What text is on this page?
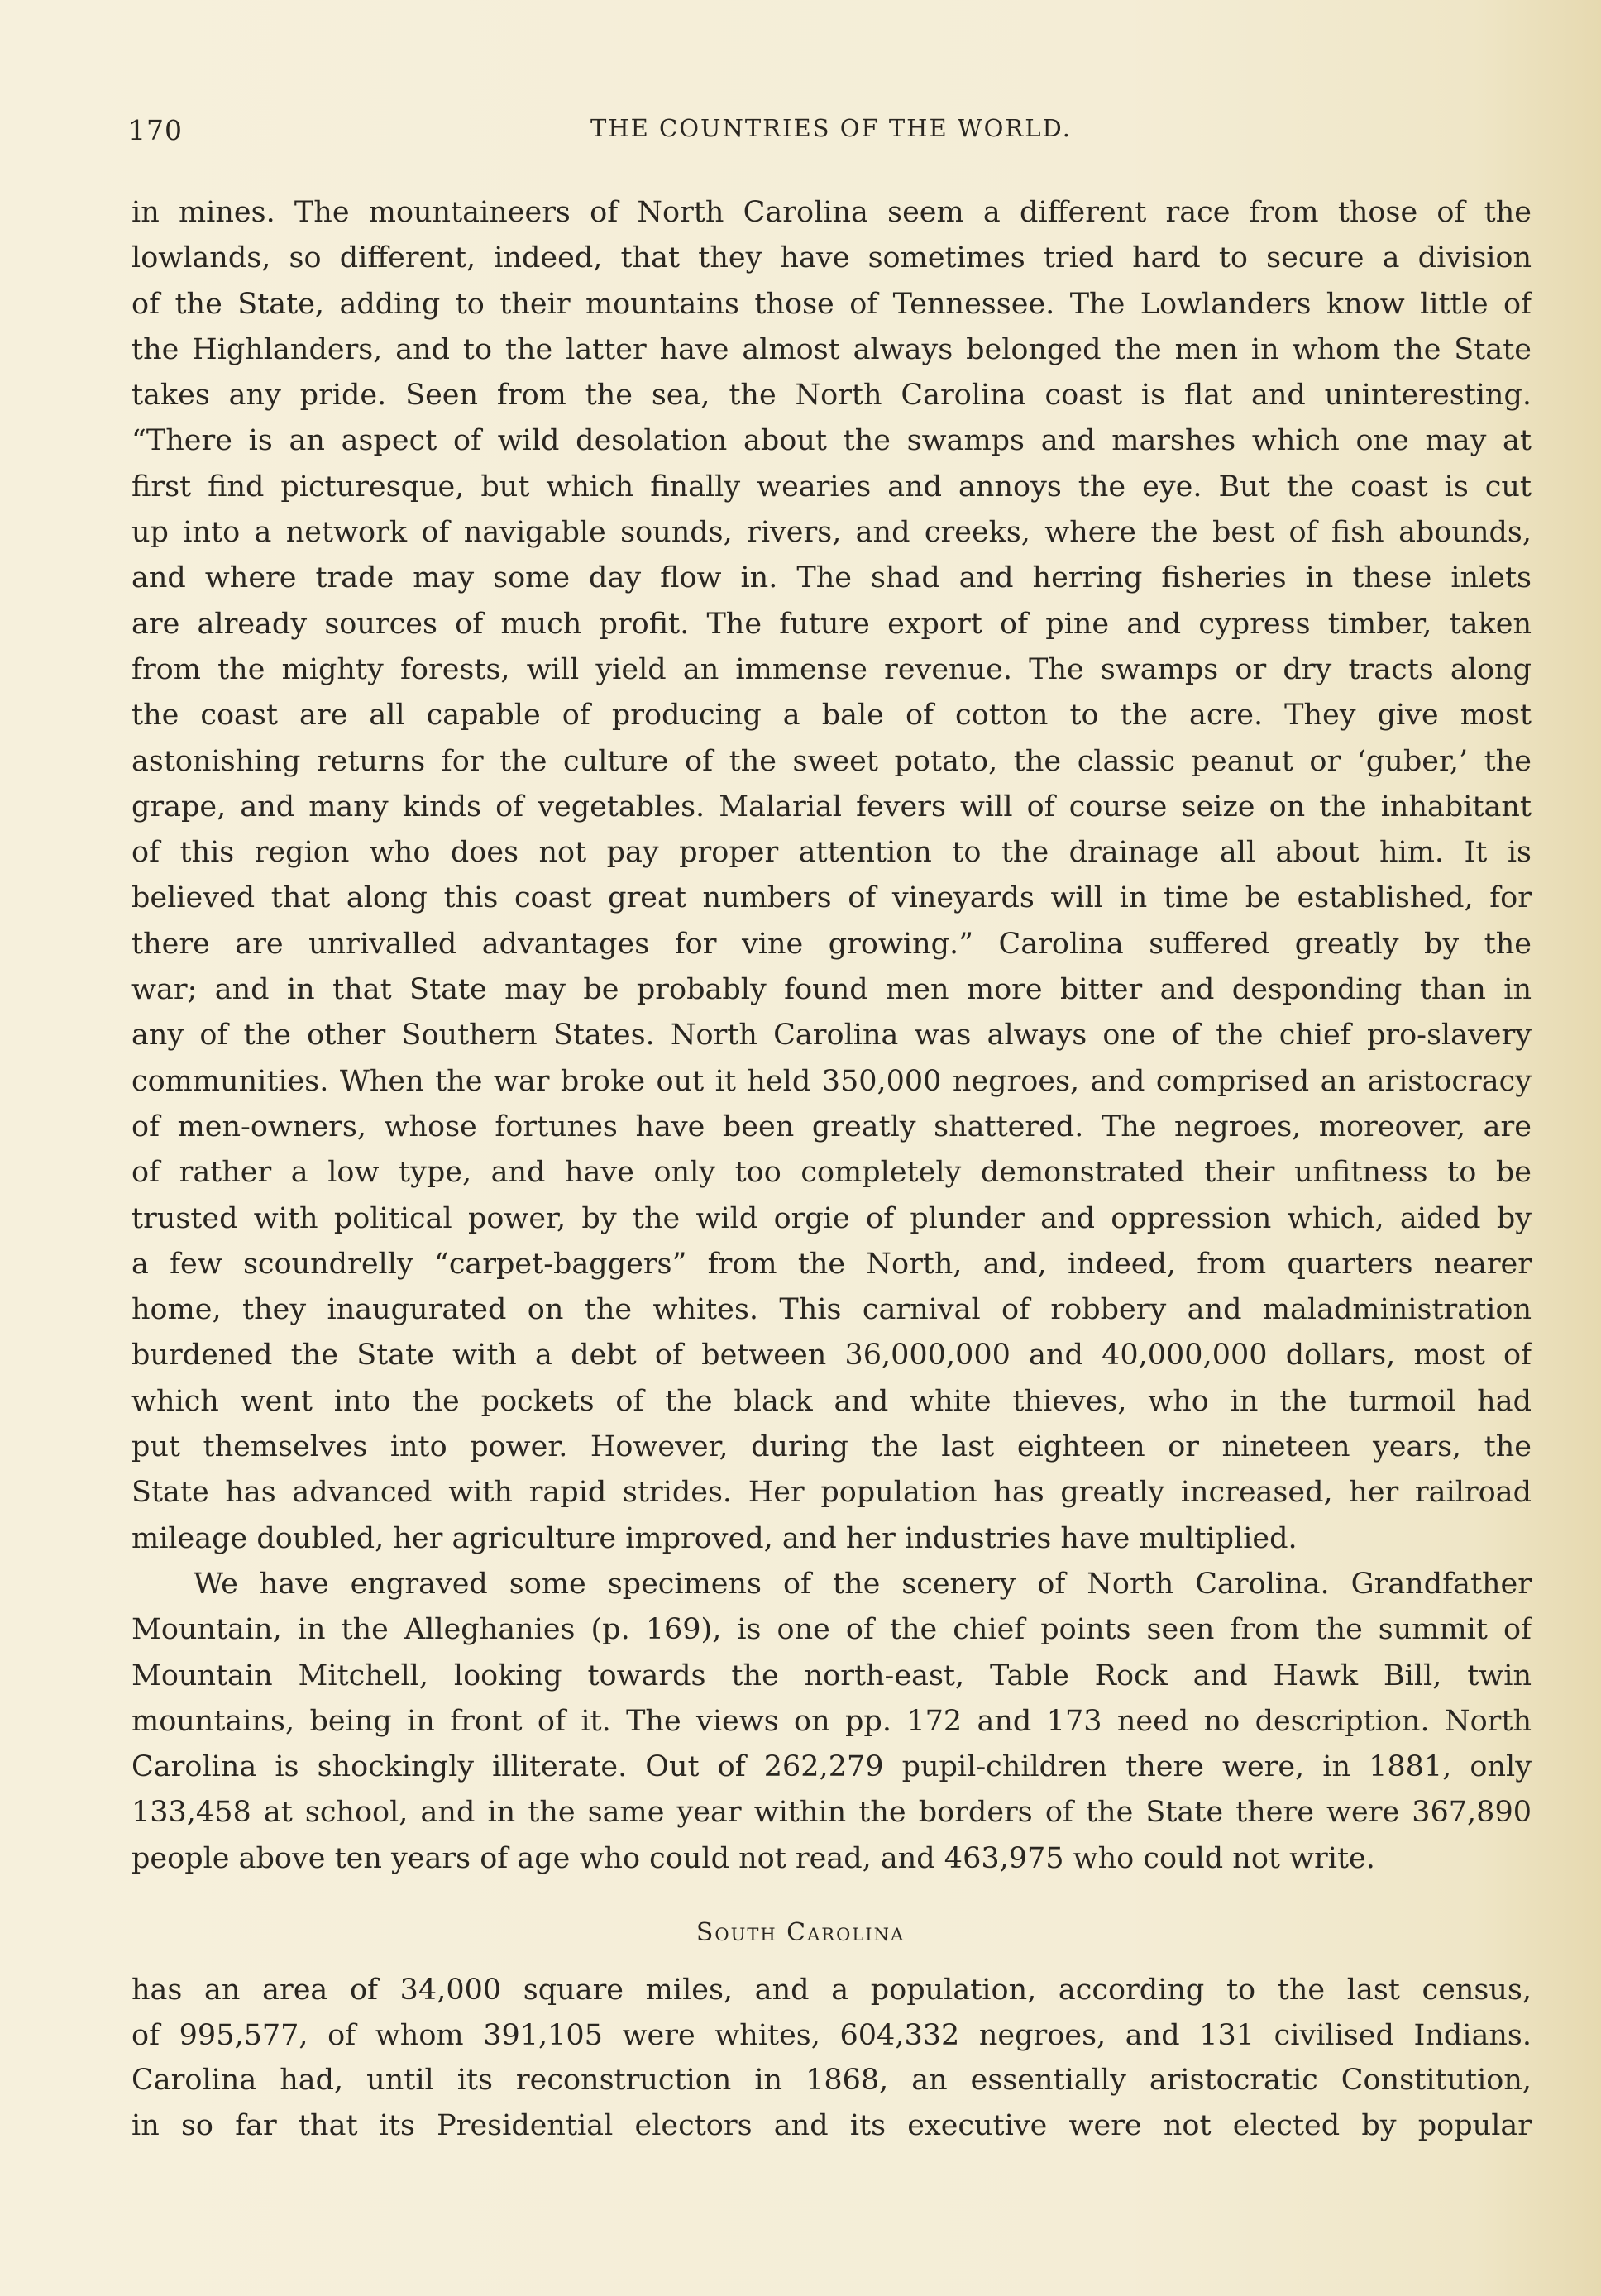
170	THE COUNTRIES OF THE WORLD.
in mines. The mountaineers of North Carolina seem a different race from those of the
lowlands, so different, indeed, that they have sometimes tried hard to secure a division
of the State, adding to their mountains those of Tennessee. The Lowlanders know little of
the Highlanders, and to the latter have almost always belonged the men in whom the State
takes any pride. Seen from the sea, the North Carolina coast is flat and uninteresting.
“There is an aspect of wild desolation about the swamps and marshes which one may at
first find picturesque, but which finally wearies and annoys the eye. But the coast is cut
up into a network of navigable sounds, rivers, and creeks, where the best of fish abounds,
and where trade may some day flow in. The shad and herring fisheries in these inlets
are already sources of much profit. The future export of pine and cypress timber, taken
from the mighty forests, will yield an immense revenue. The swamps or dry tracts along
the coast are all capable of producing a bale of cotton to the acre. They give most
astonishing returns for the culture of the sweet potato, the classic peanut or ‘guber,’ the
grape, and many kinds of vegetables. Malarial fevers will of course seize on the inhabitant
of this region who does not pay proper attention to the drainage all about him. It is
believed that along this coast great numbers of vineyards will in time be established, for
there are unrivalled advantages for vine growing.” Carolina suffered greatly by the
war; and in that State may be probably found men more bitter and desponding than in
any of the other Southern States. North Carolina was always one of the chief pro-slavery
communities. When the war broke out it held 350,000 negroes, and comprised an aristocracy
of men-owners, whose fortunes have been greatly shattered. The negroes, moreover, are
of rather a low type, and have only too completely demonstrated their unfitness to be
trusted with political power, by the wild orgie of plunder and oppression which, aided by
a few scoundrelly “carpet-baggers” from the North, and, indeed, from quarters nearer
home, they inaugurated on the whites. This carnival of robbery and maladministration
burdened the State with a debt of between 36,000,000 and 40,000,000 dollars, most of
which went into the pockets of the black and white thieves, who in the turmoil had
put themselves into power. However, during the last eighteen or nineteen years, the
State has advanced with rapid strides. Her population has greatly increased, her railroad
mileage doubled, her agriculture improved, and her industries have multiplied.
We have engraved some specimens of the scenery of North Carolina. Grandfather
Mountain, in the Alleghanies (p. 169), is one of the chief points seen from the summit of
Mountain Mitchell, looking towards the north-east, Table Rock and Hawk Bill, twin
mountains, being in front of it. The views on pp. 172 and 173 need no description. North
Carolina is shockingly illiterate. Out of 262,279 pupil-children there were, in 1881, only
133,458 at school, and in the same year within the borders of the State there were 367,890
people above ten years of age who could not read, and 463,975 who could not write.
South Carolina
has an area of 34,000 square miles, and a population, according to the last census,
of 995,577, of whom 391,105 were whites, 604,332 negroes, and 131 civilised Indians.
Carolina had, until its reconstruction in 1868, an essentially aristocratic Constitution,
in so far that its Presidential electors and its executive were not elected by popular
